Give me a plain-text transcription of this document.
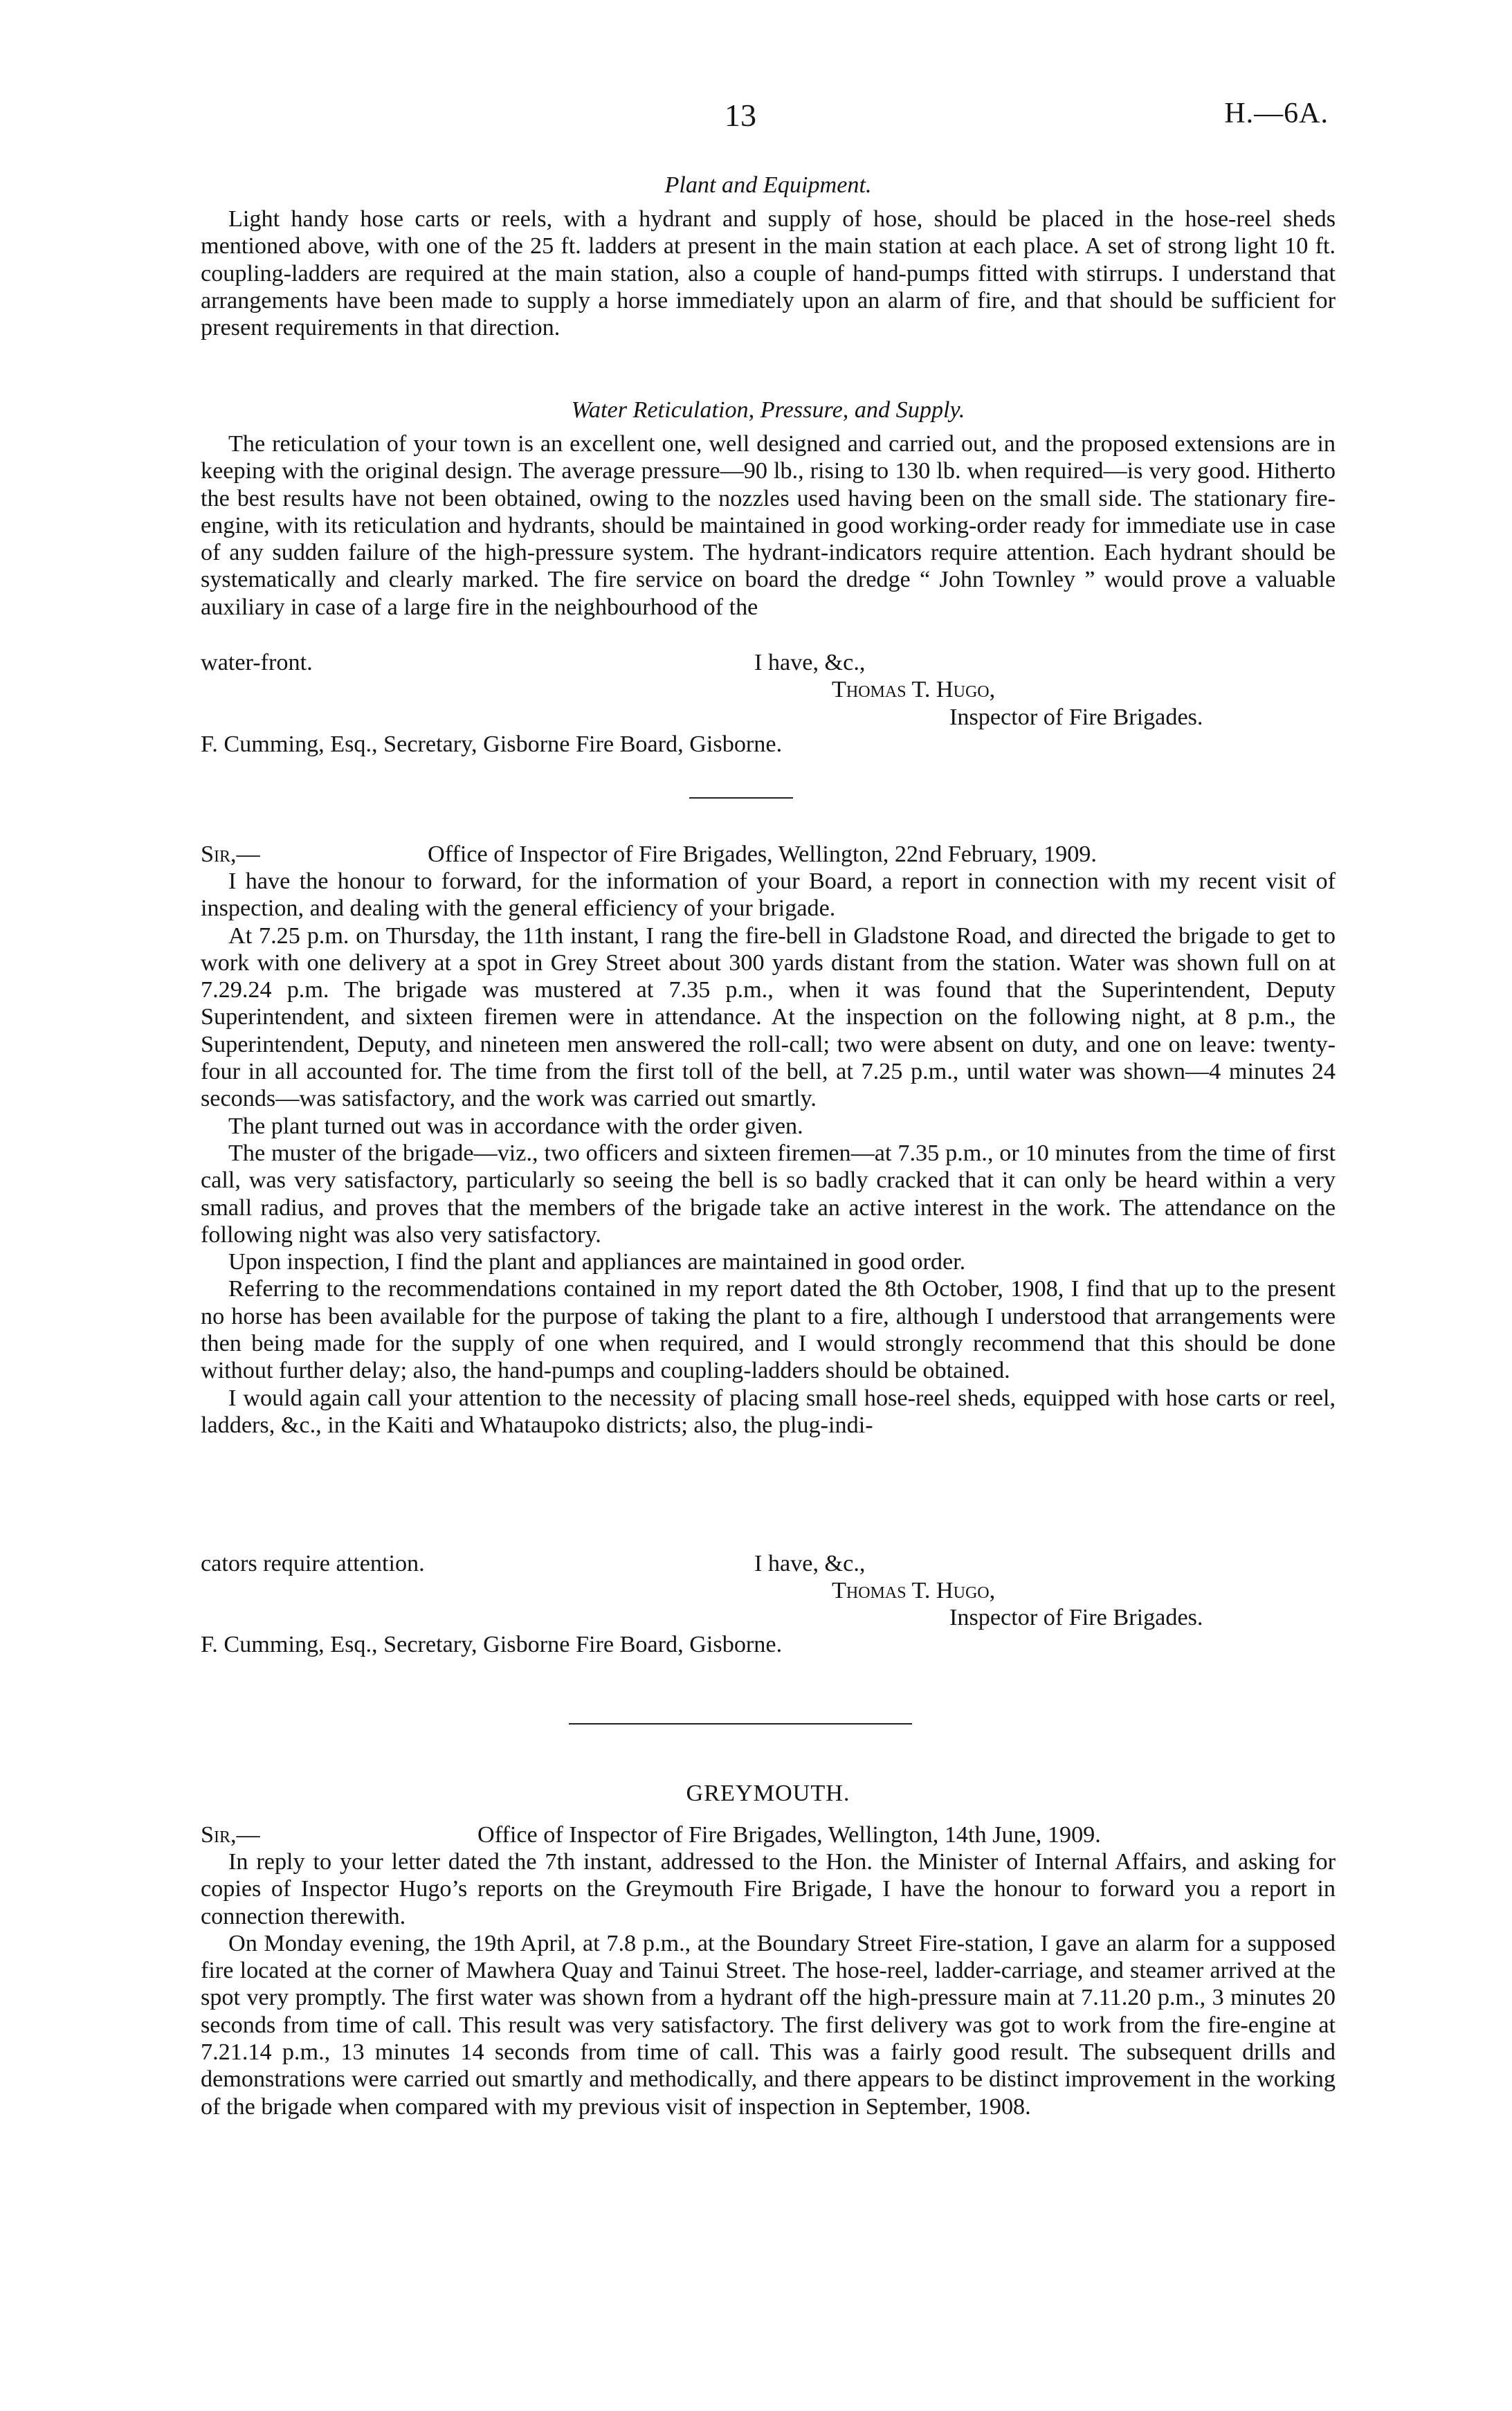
13	H.—6A.
Plant and Equipment.

Light handy hose carts or reels, with a hydrant and supply of hose, should be placed in the hose-reel sheds mentioned above, with one of the 25 ft. ladders at present in the main station at each place. A set of strong light 10 ft. coupling-ladders are required at the main station, also a couple of hand-pumps fitted with stirrups. I understand that arrangements have been made to supply a horse immediately upon an alarm of fire, and that should be sufficient for present requirements in that direction.

Water Reticulation, Pressure, and Supply.

The reticulation of your town is an excellent one, well designed and carried out, and the proposed extensions are in keeping with the original design. The average pressure—90 lb., rising to 130 lb. when required—is very good. Hitherto the best results have not been obtained, owing to the nozzles used having been on the small side. The stationary fire-engine, with its reticulation and hydrants, should be maintained in good working-order ready for immediate use in case of any sudden failure of the high-pressure system. The hydrant-indicators require attention. Each hydrant should be systematically and clearly marked. The fire service on board the dredge “ John Townley ” would prove a valuable auxiliary in case of a large fire in the neighbourhood of the

water-front.	I have, &c.,
Thomas T. Hugo,
Inspector of Fire Brigades.
F. Cumming, Esq., Secretary, Gisborne Fire Board, Gisborne.
Sir,—	Office of Inspector of Fire Brigades, Wellington, 22nd February, 1909.

I have the honour to forward, for the information of your Board, a report in connection with my recent visit of inspection, and dealing with the general efficiency of your brigade.

At 7.25 p.m. on Thursday, the 11th instant, I rang the fire-bell in Gladstone Road, and directed the brigade to get to work with one delivery at a spot in Grey Street about 300 yards distant from the station. Water was shown full on at 7.29.24 p.m. The brigade was mustered at 7.35 p.m., when it was found that the Superintendent, Deputy Superintendent, and sixteen firemen were in attendance. At the inspection on the following night, at 8 p.m., the Superintendent, Deputy, and nineteen men answered the roll-call; two were absent on duty, and one on leave: twenty-four in all accounted for. The time from the first toll of the bell, at 7.25 p.m., until water was shown—4 minutes 24 seconds—was satisfactory, and the work was carried out smartly.

The plant turned out was in accordance with the order given.

The muster of the brigade—viz., two officers and sixteen firemen—at 7.35 p.m., or 10 minutes from the time of first call, was very satisfactory, particularly so seeing the bell is so badly cracked that it can only be heard within a very small radius, and proves that the members of the brigade take an active interest in the work. The attendance on the following night was also very satisfactory.

Upon inspection, I find the plant and appliances are maintained in good order.

Referring to the recommendations contained in my report dated the 8th October, 1908, I find that up to the present no horse has been available for the purpose of taking the plant to a fire, although I understood that arrangements were then being made for the supply of one when required, and I would strongly recommend that this should be done without further delay; also, the hand-pumps and coupling-ladders should be obtained.

I would again call your attention to the necessity of placing small hose-reel sheds, equipped with hose carts or reel, ladders, &c., in the Kaiti and Whataupoko districts; also, the plug-indi-

cators require attention.	I have, &c.,
Thomas T. Hugo,
Inspector of Fire Brigades.
F. Cumming, Esq., Secretary, Gisborne Fire Board, Gisborne.
GREYMOUTH.
Sir,—	Office of Inspector of Fire Brigades, Wellington, 14th June, 1909.

In reply to your letter dated the 7th instant, addressed to the Hon. the Minister of Internal Affairs, and asking for copies of Inspector Hugo’s reports on the Greymouth Fire Brigade, I have the honour to forward you a report in connection therewith.

On Monday evening, the 19th April, at 7.8 p.m., at the Boundary Street Fire-station, I gave an alarm for a supposed fire located at the corner of Mawhera Quay and Tainui Street. The hose-reel, ladder-carriage, and steamer arrived at the spot very promptly. The first water was shown from a hydrant off the high-pressure main at 7.11.20 p.m., 3 minutes 20 seconds from time of call. This result was very satisfactory. The first delivery was got to work from the fire-engine at 7.21.14 p.m., 13 minutes 14 seconds from time of call. This was a fairly good result. The subsequent drills and demonstrations were carried out smartly and methodically, and there appears to be distinct improvement in the working of the brigade when compared with my previous visit of inspection in September, 1908.
